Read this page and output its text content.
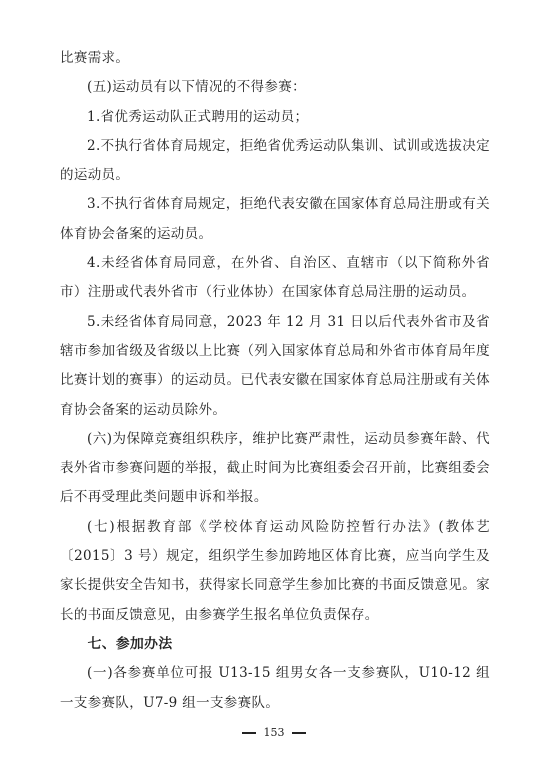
比赛需求。

(五)运动员有以下情况的不得参赛：

1.省优秀运动队正式聘用的运动员；

2.不执行省体育局规定，拒绝省优秀运动队集训、试训或选拔决定的运动员。

3.不执行省体育局规定，拒绝代表安徽在国家体育总局注册或有关体育协会备案的运动员。

4.未经省体育局同意，在外省、自治区、直辖市（以下简称外省市）注册或代表外省市（行业体协）在国家体育总局注册的运动员。

5.未经省体育局同意，2023 年 12 月 31 日以后代表外省市及省辖市参加省级及省级以上比赛（列入国家体育总局和外省市体育局年度比赛计划的赛事）的运动员。已代表安徽在国家体育总局注册或有关体育协会备案的运动员除外。

(六)为保障竞赛组织秩序，维护比赛严肃性，运动员参赛年龄、代表外省市参赛问题的举报，截止时间为比赛组委会召开前，比赛组委会后不再受理此类问题申诉和举报。

(七)根据教育部《学校体育运动风险防控暂行办法》(教体艺〔2015〕3 号）规定，组织学生参加跨地区体育比赛，应当向学生及家长提供安全告知书，获得家长同意学生参加比赛的书面反馈意见。家长的书面反馈意见，由参赛学生报名单位负责保存。

七、参加办法

(一)各参赛单位可报 U13-15 组男女各一支参赛队，U10-12 组一支参赛队，U7-9 组一支参赛队。

153
